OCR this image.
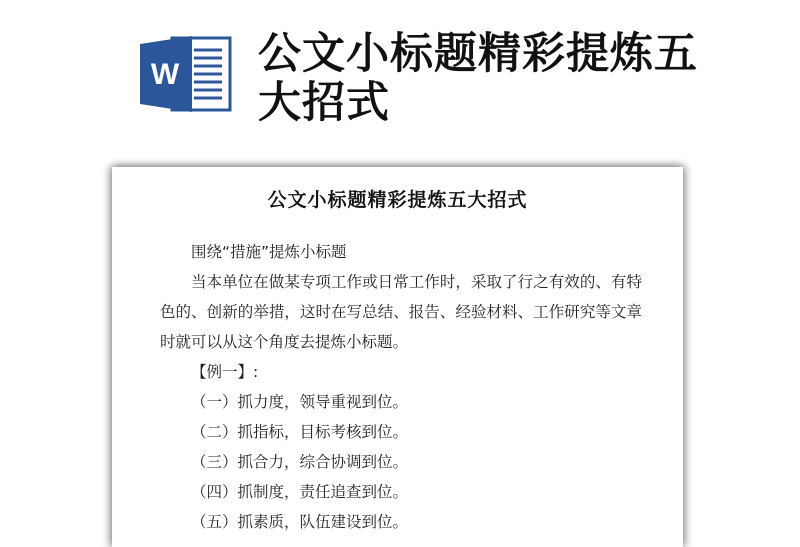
W 公文小标题精彩提炼五大招式
公文小标题精彩提炼五大招式

围绕“措施”提炼小标题

当本单位在做某专项工作或日常工作时，采取了行之有效的、有特色的、创新的举措，这时在写总结、报告、经验材料、工作研究等文章时就可以从这个角度去提炼小标题。

【例一】:

（一）抓力度，领导重视到位。

（二）抓指标，目标考核到位。

（三）抓合力，综合协调到位。

（四）抓制度，责任追查到位。

（五）抓素质，队伍建设到位。
